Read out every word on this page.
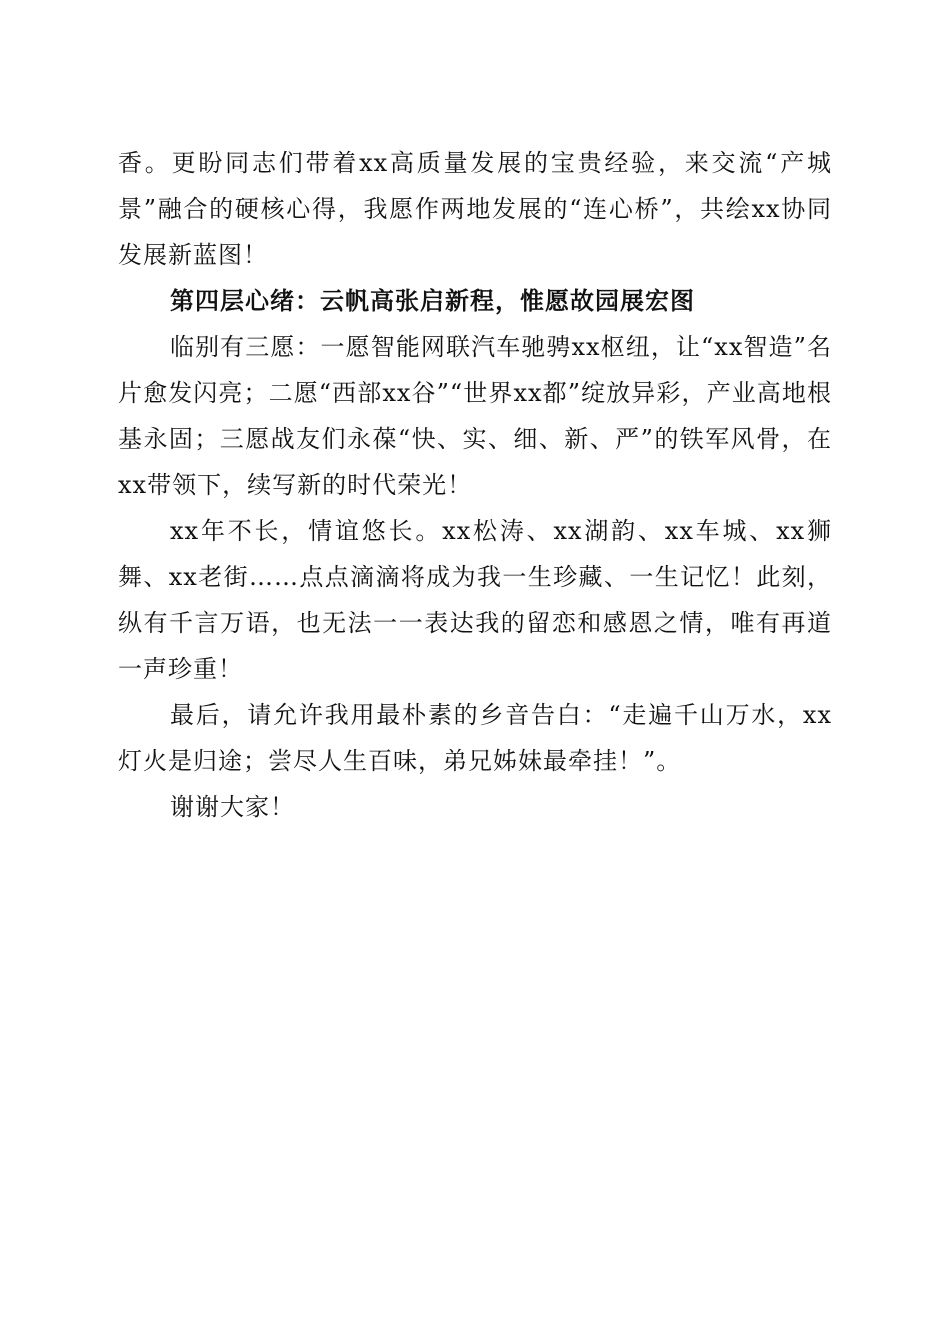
香。更盼同志们带着xx高质量发展的宝贵经验，来交流“产城景”融合的硬核心得，我愿作两地发展的“连心桥”，共绘xx协同发展新蓝图！

第四层心绪：云帆高张启新程，惟愿故园展宏图

临别有三愿：一愿智能网联汽车驰骋xx枢纽，让“xx智造”名片愈发闪亮；二愿“西部xx谷”“世界xx都”绽放异彩，产业高地根基永固；三愿战友们永葆“快、实、细、新、严”的铁军风骨，在xx带领下，续写新的时代荣光！

xx年不长，情谊悠长。xx松涛、xx湖韵、xx车城、xx狮舞、xx老街……点点滴滴将成为我一生珍藏、一生记忆！此刻，纵有千言万语，也无法一一表达我的留恋和感恩之情，唯有再道一声珍重！

最后，请允许我用最朴素的乡音告白：“走遍千山万水，xx灯火是归途；尝尽人生百味，弟兄姊妹最牵挂！”。

谢谢大家！
